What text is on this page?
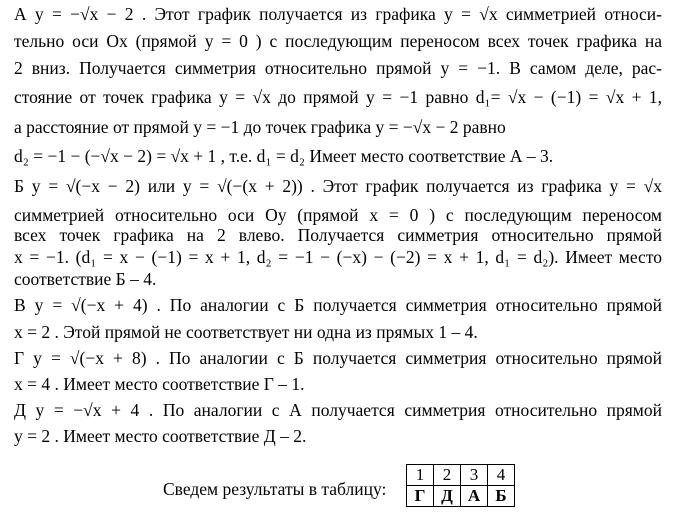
А y = −√x − 2 . Этот график получается из графика y = √x симметрией относи-
тельно оси Ox (прямой y = 0 ) с последующим переносом всех точек графика на
2 вниз. Получается симметрия относительно прямой y = −1. В самом деле, рас-
стояние от точек графика y = √x до прямой y = −1 равно d₁= √x − (−1) = √x + 1,
а расстояние от прямой y = −1 до точек графика y = −√x − 2 равно
d₂ = −1 − (−√x − 2) = √x + 1 , т.е. d₁ = d₂ Имеет место соответствие А – 3.
Б y = √(−x − 2) или y = √(−(x + 2)) . Этот график получается из графика y = √x
симметрией относительно оси Oy (прямой x = 0 ) с последующим переносом
всех точек графика на 2 влево. Получается симметрия относительно прямой
x = −1. (d₁ = x − (−1) = x + 1, d₂ = −1 − (−x) − (−2) = x + 1, d₁ = d₂). Имеет место
соответствие Б – 4.
В y = √(−x + 4) . По аналогии с Б получается симметрия относительно прямой
x = 2 . Этой прямой не соответствует ни одна из прямых 1 – 4.
Г y = √(−x + 8) . По аналогии с Б получается симметрия относительно прямой
x = 4 . Имеет место соответствие Г – 1.
Д y = −√x + 4 . По аналогии с А получается симметрия относительно прямой
y = 2 . Имеет место соответствие Д – 2.
Сведем результаты в таблицу:
1	2	3	4
Г	Д	А	Б
